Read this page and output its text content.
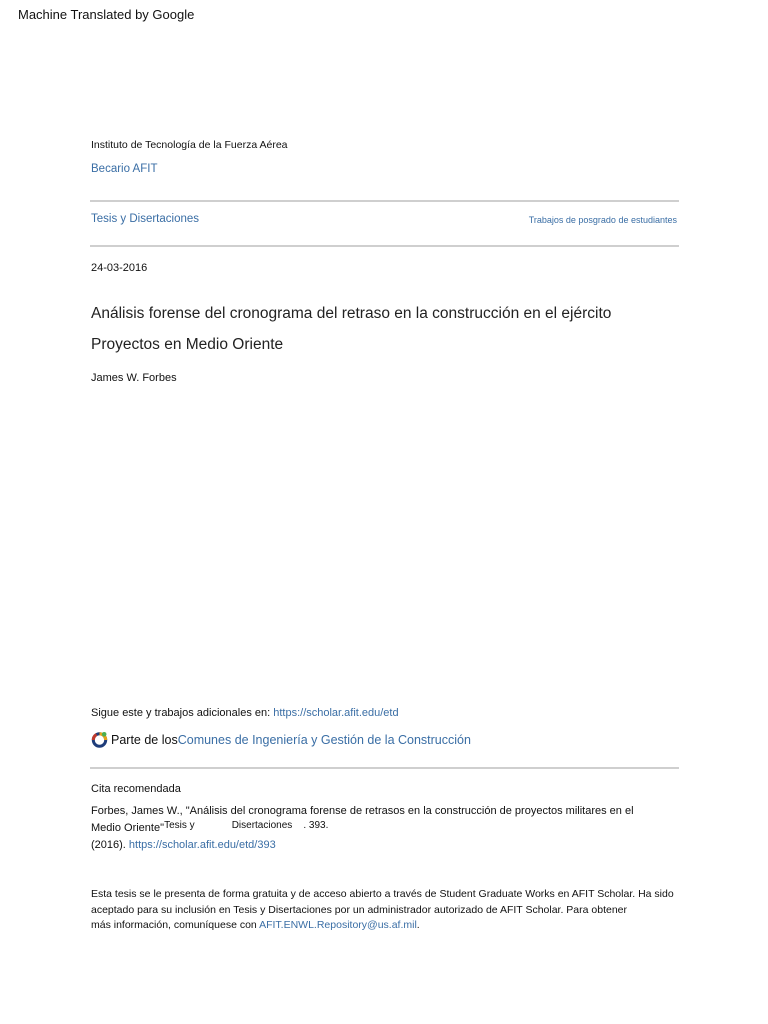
Machine Translated by Google
Instituto de Tecnología de la Fuerza Aérea
Becario AFIT
Tesis y Disertaciones	Trabajos de posgrado de estudiantes
24-03-2016
Análisis forense del cronograma del retraso en la construcción en el ejército
Proyectos en Medio Oriente
James W. Forbes
Sigue este y trabajos adicionales en: https://scholar.afit.edu/etd
Parte de los Comunes de Ingeniería y Gestión de la Construcción
Cita recomendada
Forbes, James W., "Análisis del cronograma forense de retrasos en la construcción de proyectos militares en el
Medio Oriente" Tesis y	Disertaciones . 393.
(2016). https://scholar.afit.edu/etd/393
Esta tesis se le presenta de forma gratuita y de acceso abierto a través de Student Graduate Works en AFIT Scholar. Ha sido
aceptado para su inclusión en Tesis y Disertaciones por un administrador autorizado de AFIT Scholar. Para obtener
más información, comuníquese con AFIT.ENWL.Repository@us.af.mil.
